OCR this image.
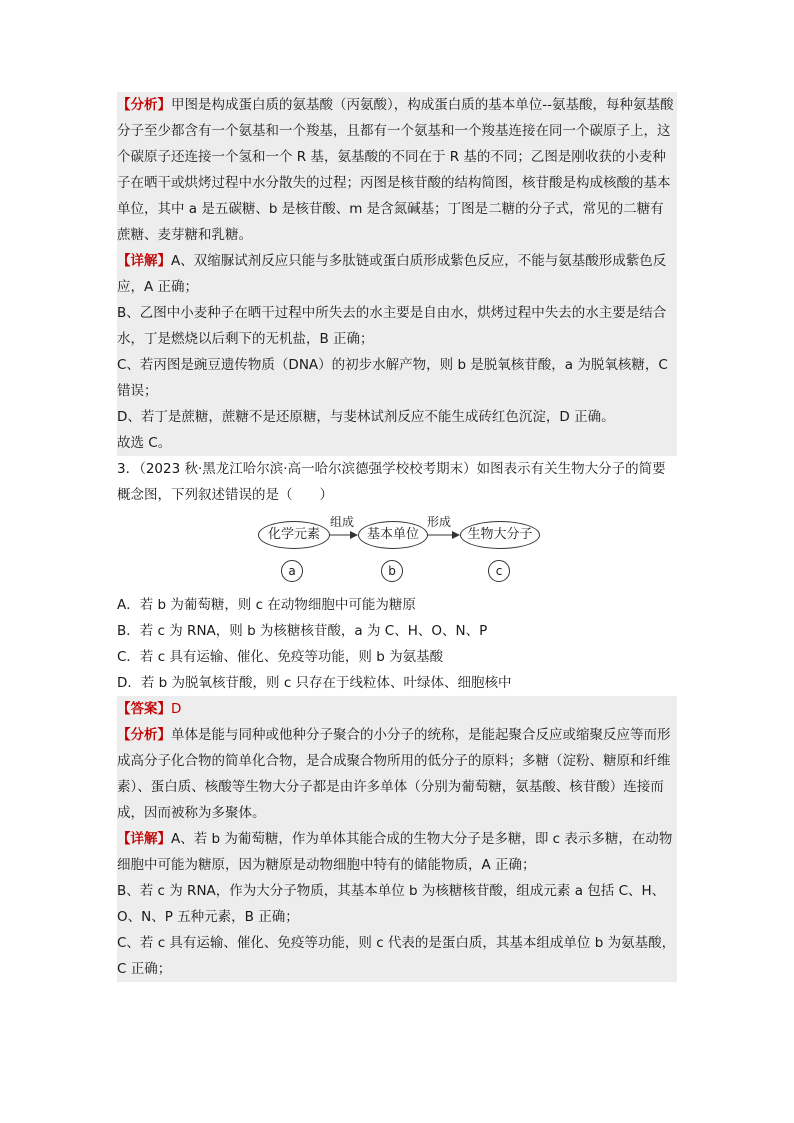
【分析】甲图是构成蛋白质的氨基酸（丙氨酸），构成蛋白质的基本单位--氨基酸，每种氨基酸分子至少都含有一个氨基和一个羧基，且都有一个氨基和一个羧基连接在同一个碳原子上，这个碳原子还连接一个氢和一个 R 基，氨基酸的不同在于 R 基的不同；乙图是刚收获的小麦种子在晒干或烘烤过程中水分散失的过程；丙图是核苷酸的结构简图，核苷酸是构成核酸的基本单位，其中 a 是五碳糖、b 是核苷酸、m 是含氮碱基；丁图是二糖的分子式，常见的二糖有蔗糖、麦芽糖和乳糖。

【详解】A、双缩脲试剂反应只能与多肽链或蛋白质形成紫色反应，不能与氨基酸形成紫色反应，A 正确；

B、乙图中小麦种子在晒干过程中所失去的水主要是自由水，烘烤过程中失去的水主要是结合水，丁是燃烧以后剩下的无机盐，B 正确；

C、若丙图是豌豆遗传物质（DNA）的初步水解产物，则 b 是脱氧核苷酸，a 为脱氧核糖，C 错误；

D、若丁是蔗糖，蔗糖不是还原糖，与斐林试剂反应不能生成砖红色沉淀，D 正确。

故选 C。

3．（2023 秋·黑龙江哈尔滨·高一哈尔滨德强学校校考期末）如图表示有关生物大分子的简要概念图，下列叙述错误的是（　　）

化学元素	基本单位	生物大分子
组成	形成
a	b	c

A．若 b 为葡萄糖，则 c 在动物细胞中可能为糖原

B．若 c 为 RNA，则 b 为核糖核苷酸，a 为 C、H、O、N、P

C．若 c 具有运输、催化、免疫等功能，则 b 为氨基酸

D．若 b 为脱氧核苷酸，则 c 只存在于线粒体、叶绿体、细胞核中

【答案】D

【分析】单体是能与同种或他种分子聚合的小分子的统称，是能起聚合反应或缩聚反应等而形成高分子化合物的简单化合物，是合成聚合物所用的低分子的原料；多糖（淀粉、糖原和纤维素）、蛋白质、核酸等生物大分子都是由许多单体（分别为葡萄糖，氨基酸、核苷酸）连接而成，因而被称为多聚体。

【详解】A、若 b 为葡萄糖，作为单体其能合成的生物大分子是多糖，即 c 表示多糖，在动物细胞中可能为糖原，因为糖原是动物细胞中特有的储能物质，A 正确；

B、若 c 为 RNA，作为大分子物质，其基本单位 b 为核糖核苷酸，组成元素 a 包括 C、H、O、N、P 五种元素，B 正确；

C、若 c 具有运输、催化、免疫等功能，则 c 代表的是蛋白质，其基本组成单位 b 为氨基酸，C 正确；
